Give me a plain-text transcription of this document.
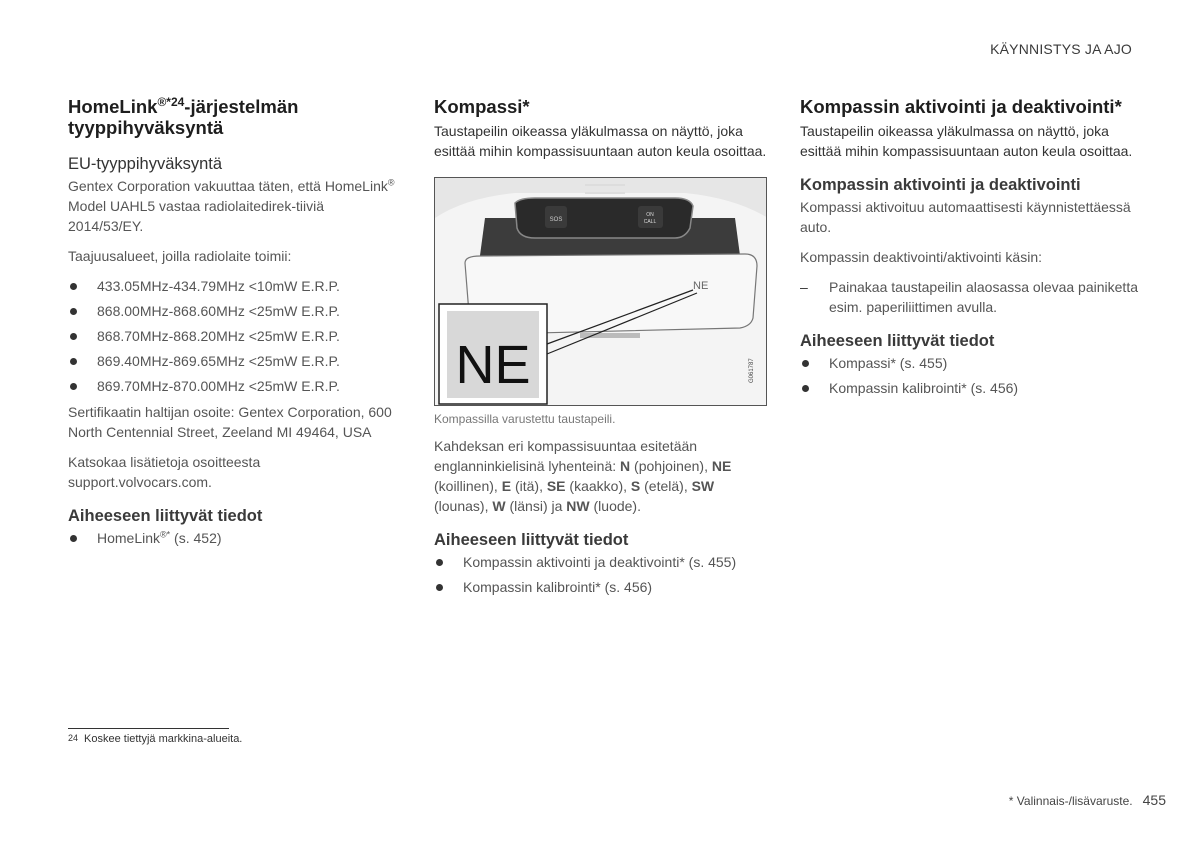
KÄYNNISTYS JA AJO
HomeLink$^{®*24}$-järjestelmän tyyppihyväksyntä
EU-tyyppihyväksyntä

Gentex Corporation vakuuttaa täten, että HomeLink® Model UAHL5 vastaa radiolaitedirek-tiiviä 2014/53/EY.

Taajuusalueet, joilla radiolaite toimii:

433.05MHz-434.79MHz <10mW E.R.P.
868.00MHz-868.60MHz <25mW E.R.P.
868.70MHz-868.20MHz <25mW E.R.P.
869.40MHz-869.65MHz <25mW E.R.P.
869.70MHz-870.00MHz <25mW E.R.P.

Sertifikaatin haltijan osoite: Gentex Corporation, 600 North Centennial Street, Zeeland MI 49464, USA

Katsokaa lisätietoja osoitteesta support.volvocars.com.

Aiheeseen liittyvät tiedot
HomeLink®* (s. 452)
Kompassi*

Taustapeilin oikeassa yläkulmassa on näyttö, joka esittää mihin kompassisuuntaan auton keula osoittaa.

SOS
ON
CALL
NE
NE	G061787
Kompassilla varustettu taustapeili.

Kahdeksan eri kompassisuuntaa esitetään englanninkielisinä lyhenteinä: N (pohjoinen), NE (koillinen), E (itä), SE (kaakko), S (etelä), SW (lounas), W (länsi) ja NW (luode).

Aiheeseen liittyvät tiedot
Kompassin aktivointi ja deaktivointi* (s. 455)
Kompassin kalibrointi* (s. 456)
Kompassin aktivointi ja deaktivointi*

Taustapeilin oikeassa yläkulmassa on näyttö, joka esittää mihin kompassisuuntaan auton keula osoittaa.

Kompassin aktivointi ja deaktivointi

Kompassi aktivoituu automaattisesti käynnistettäessä auto.

Kompassin deaktivointi/aktivointi käsin:

– Painakaa taustapeilin alaosassa olevaa painiketta esim. paperiliittimen avulla.
Aiheeseen liittyvät tiedot
Kompassi* (s. 455)
Kompassin kalibrointi* (s. 456)
24 Koskee tiettyjä markkina-alueita.
* Valinnais-/lisävaruste. 455
